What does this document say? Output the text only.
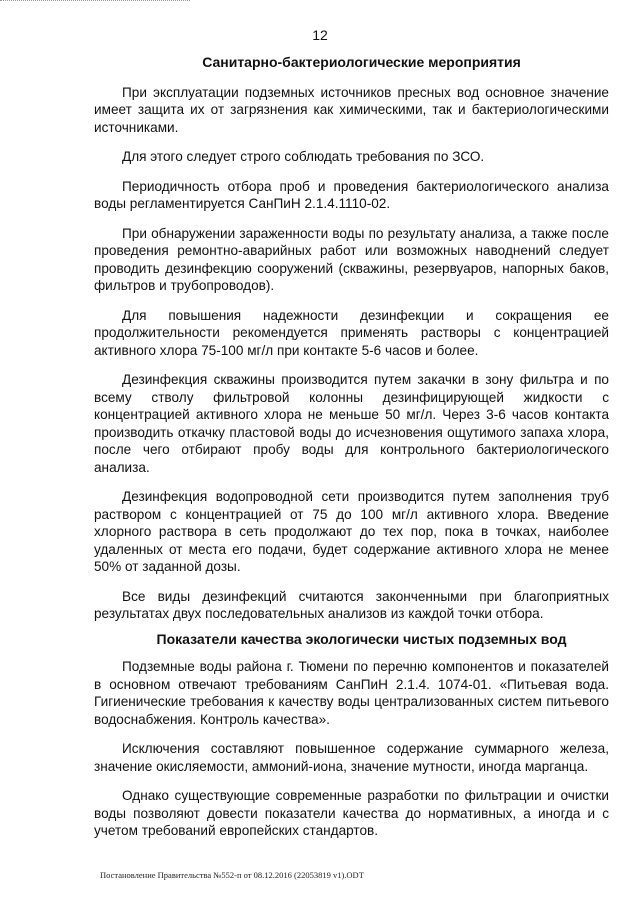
12
Санитарно-бактериологические мероприятия

При эксплуатации подземных источников пресных вод основное значение имеет защита их от загрязнения как химическими, так и бактериологическими источниками.

Для этого следует строго соблюдать требования по ЗСО.

Периодичность отбора проб и проведения бактериологического анализа воды регламентируется СанПиН 2.1.4.1110-02.

При обнаружении зараженности воды по результату анализа, а также после проведения ремонтно-аварийных работ или возможных наводнений следует проводить дезинфекцию сооружений (скважины, резервуаров, напорных баков, фильтров и трубопроводов).

Для повышения надежности дезинфекции и сокращения ее продолжительности рекомендуется применять растворы с концентрацией активного хлора 75-100 мг/л при контакте 5-6 часов и более.

Дезинфекция скважины производится путем закачки в зону фильтра и по всему стволу фильтровой колонны дезинфицирующей жидкости с концентрацией активного хлора не меньше 50 мг/л. Через 3-6 часов контакта производить откачку пластовой воды до исчезновения ощутимого запаха хлора, после чего отбирают пробу воды для контрольного бактериологического анализа.

Дезинфекция водопроводной сети производится путем заполнения труб раствором с концентрацией от 75 до 100 мг/л активного хлора. Введение хлорного раствора в сеть продолжают до тех пор, пока в точках, наиболее удаленных от места его подачи, будет содержание активного хлора не менее 50% от заданной дозы.

Все виды дезинфекций считаются законченными при благоприятных результатах двух последовательных анализов из каждой точки отбора.

Показатели качества экологически чистых подземных вод

Подземные воды района г. Тюмени по перечню компонентов и показателей в основном отвечают требованиям СанПиН 2.1.4. 1074-01. «Питьевая вода. Гигиенические требования к качеству воды централизованных систем питьевого водоснабжения. Контроль качества».

Исключения составляют повышенное содержание суммарного железа, значение окисляемости, аммоний-иона, значение мутности, иногда марганца.

Однако существующие современные разработки по фильтрации и очистки воды позволяют довести показатели качества до нормативных, а иногда и с учетом требований европейских стандартов.

Постановление Правительства №552-п от 08.12.2016 (22053819 v1).ODT
